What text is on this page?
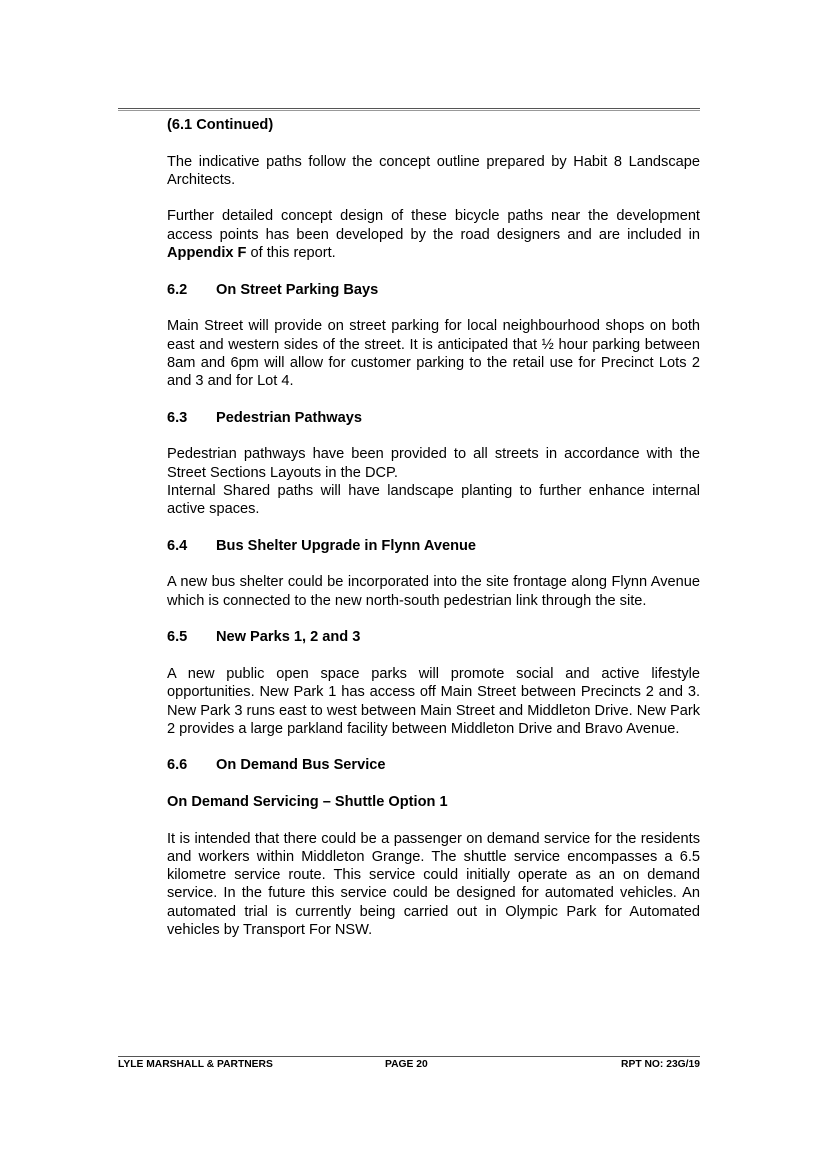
(6.1 Continued)

The indicative paths follow the concept outline prepared by Habit 8 Landscape Architects.

Further detailed concept design of these bicycle paths near the development access points has been developed by the road designers and are included in Appendix F of this report.

6.2	On Street Parking Bays

Main Street will provide on street parking for local neighbourhood shops on both east and western sides of the street. It is anticipated that ½ hour parking between 8am and 6pm will allow for customer parking to the retail use for Precinct Lots 2 and 3 and for Lot 4.

6.3	Pedestrian Pathways

Pedestrian pathways have been provided to all streets in accordance with the Street Sections Layouts in the DCP.

Internal Shared paths will have landscape planting to further enhance internal active spaces.

6.4	Bus Shelter Upgrade in Flynn Avenue

A new bus shelter could be incorporated into the site frontage along Flynn Avenue which is connected to the new north-south pedestrian link through the site.

6.5	New Parks 1, 2 and 3

A new public open space parks will promote social and active lifestyle opportunities. New Park 1 has access off Main Street between Precincts 2 and 3. New Park 3 runs east to west between Main Street and Middleton Drive. New Park 2 provides a large parkland facility between Middleton Drive and Bravo Avenue.

6.6	On Demand Bus Service
On Demand Servicing – Shuttle Option 1

It is intended that there could be a passenger on demand service for the residents and workers within Middleton Grange. The shuttle service encompasses a 6.5 kilometre service route. This service could initially operate as an on demand service. In the future this service could be designed for automated vehicles. An automated trial is currently being carried out in Olympic Park for Automated vehicles by Transport For NSW.

LYLE MARSHALL & PARTNERS	PAGE 20	RPT NO: 23G/19
